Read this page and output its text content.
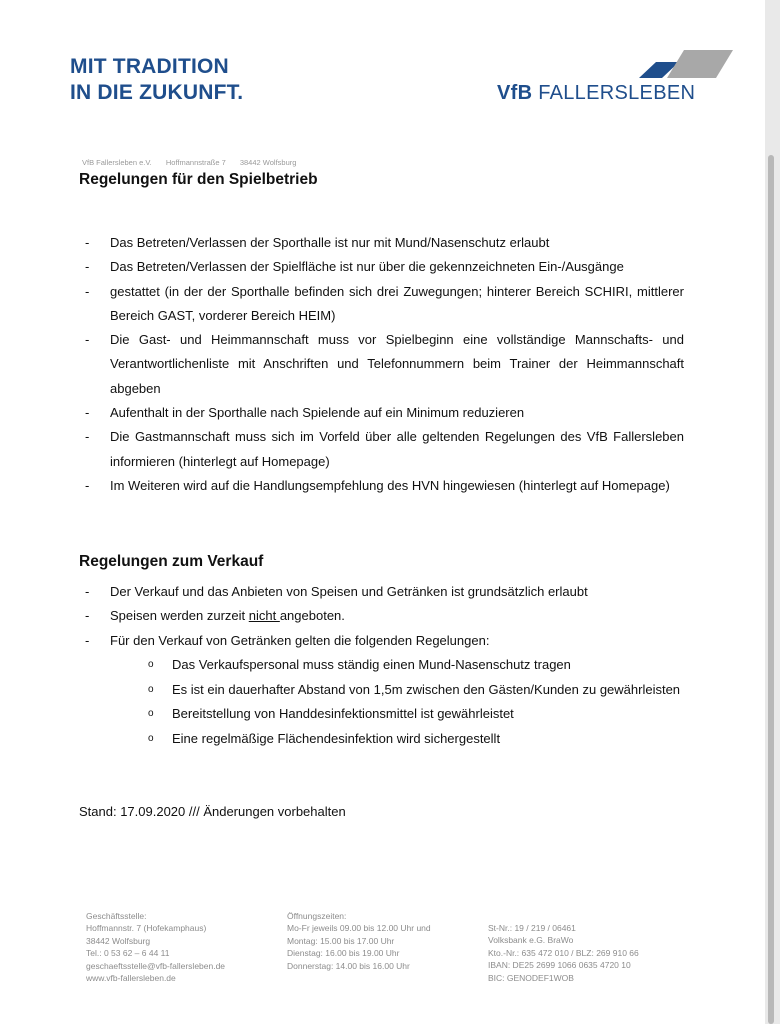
MIT TRADITION
IN DIE ZUKUNFT.	VfB FALLERSLEBEN
VfB Fallersleben e.V. Hoffmannstraße 7 38442 Wolfsburg
Regelungen für den Spielbetrieb
- Das Betreten/Verlassen der Sporthalle ist nur mit Mund/Nasenschutz erlaubt
- Das Betreten/Verlassen der Spielfläche ist nur über die gekennzeichneten Ein-/Ausgänge
- gestattet (in der der Sporthalle befinden sich drei Zuwegungen; hinterer Bereich SCHIRI, mittlerer Bereich GAST, vorderer Bereich HEIM)
- Die Gast- und Heimmannschaft muss vor Spielbeginn eine vollständige Mannschafts- und Verantwortlichenliste mit Anschriften und Telefonnummern beim Trainer der Heimmannschaft abgeben
- Aufenthalt in der Sporthalle nach Spielende auf ein Minimum reduzieren
- Die Gastmannschaft muss sich im Vorfeld über alle geltenden Regelungen des VfB Fallersleben informieren (hinterlegt auf Homepage)
- Im Weiteren wird auf die Handlungsempfehlung des HVN hingewiesen (hinterlegt auf Homepage)
Regelungen zum Verkauf
- Der Verkauf und das Anbieten von Speisen und Getränken ist grundsätzlich erlaubt
- Speisen werden zurzeit nicht angeboten.
- Für den Verkauf von Getränken gelten die folgenden Regelungen:
o Das Verkaufspersonal muss ständig einen Mund-Nasenschutz tragen
o Es ist ein dauerhafter Abstand von 1,5m zwischen den Gästen/Kunden zu gewährleisten
o Bereitstellung von Handdesinfektionsmittel ist gewährleistet
o Eine regelmäßige Flächendesinfektion wird sichergestellt
Stand: 17.09.2020 /// Änderungen vorbehalten
Geschäftsstelle:
Hoffmannstr. 7 (Hofekamphaus)
38442 Wolfsburg
Tel.: 0 53 62 – 6 44 11
geschaeftsstelle@vfb-fallersleben.de
www.vfb-fallersleben.de
Öffnungszeiten:
Mo-Fr jeweils 09.00 bis 12.00 Uhr und
Montag: 15.00 bis 17.00 Uhr
Dienstag: 16.00 bis 19.00 Uhr
Donnerstag: 14.00 bis 16.00 Uhr
St-Nr.: 19 / 219 / 06461
Volksbank e.G. BraWo
Kto.-Nr.: 635 472 010 / BLZ: 269 910 66
IBAN: DE25 2699 1066 0635 4720 10
BIC: GENODEF1WOB
